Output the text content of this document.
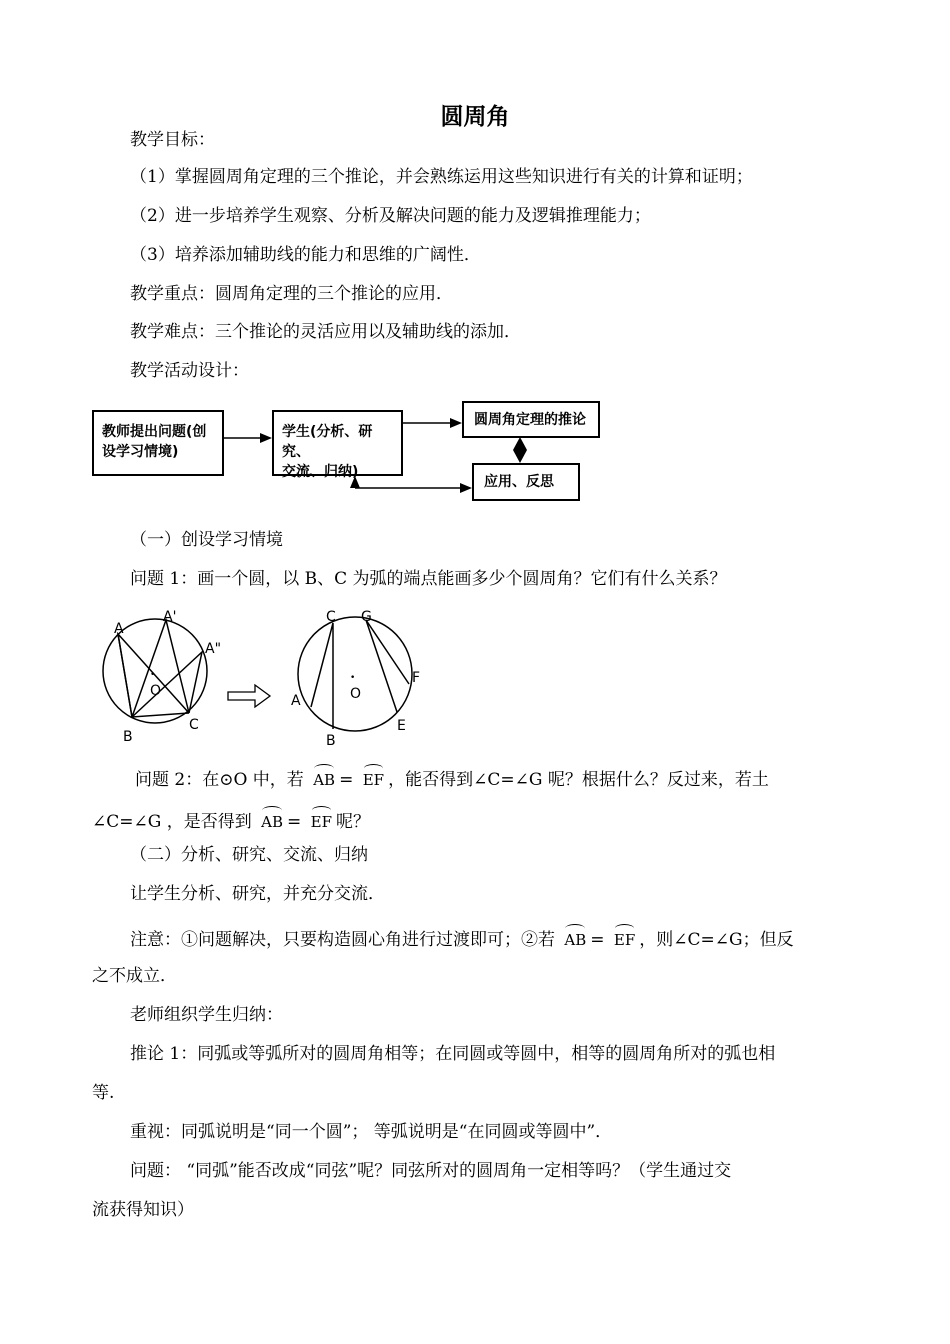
圆周角
教学目标：
（1）掌握圆周角定理的三个推论，并会熟练运用这些知识进行有关的计算和证明；
（2）进一步培养学生观察、分析及解决问题的能力及逻辑推理能力；
（3）培养添加辅助线的能力和思维的广阔性．
教学重点：圆周角定理的三个推论的应用．
教学难点：三个推论的灵活应用以及辅助线的添加．
教学活动设计：
教师提出问题(创
设学习情境)
学生(分析、研究、
交流、归纳)
圆周角定理的推论
应用、反思
（一）创设学习情境
问题 1：画一个圆，以 B、C 为弧的端点能画多少个圆周角？它们有什么关系？
•
A
A'
A"
O
B
C
•
C G
F
A	O
E
B
问题 2：在⊙O 中，若 AB = EF ，能否得到∠C=∠G 呢？根据什么？反过来，若土
∠C=∠G ，是否得到 AB = EF 呢？
（二）分析、研究、交流、归纳
让学生分析、研究，并充分交流．
注意：①问题解决，只要构造圆心角进行过渡即可；②若 AB = EF ，则∠C=∠G；但反
之不成立．
老师组织学生归纳：
推论 1：同弧或等弧所对的圆周角相等；在同圆或等圆中，相等的圆周角所对的弧也相
等.
重视：同弧说明是“同一个圆”； 等弧说明是“在同圆或等圆中”．
问题： “同弧”能否改成“同弦”呢？同弦所对的圆周角一定相等吗？（学生通过交
流获得知识）
